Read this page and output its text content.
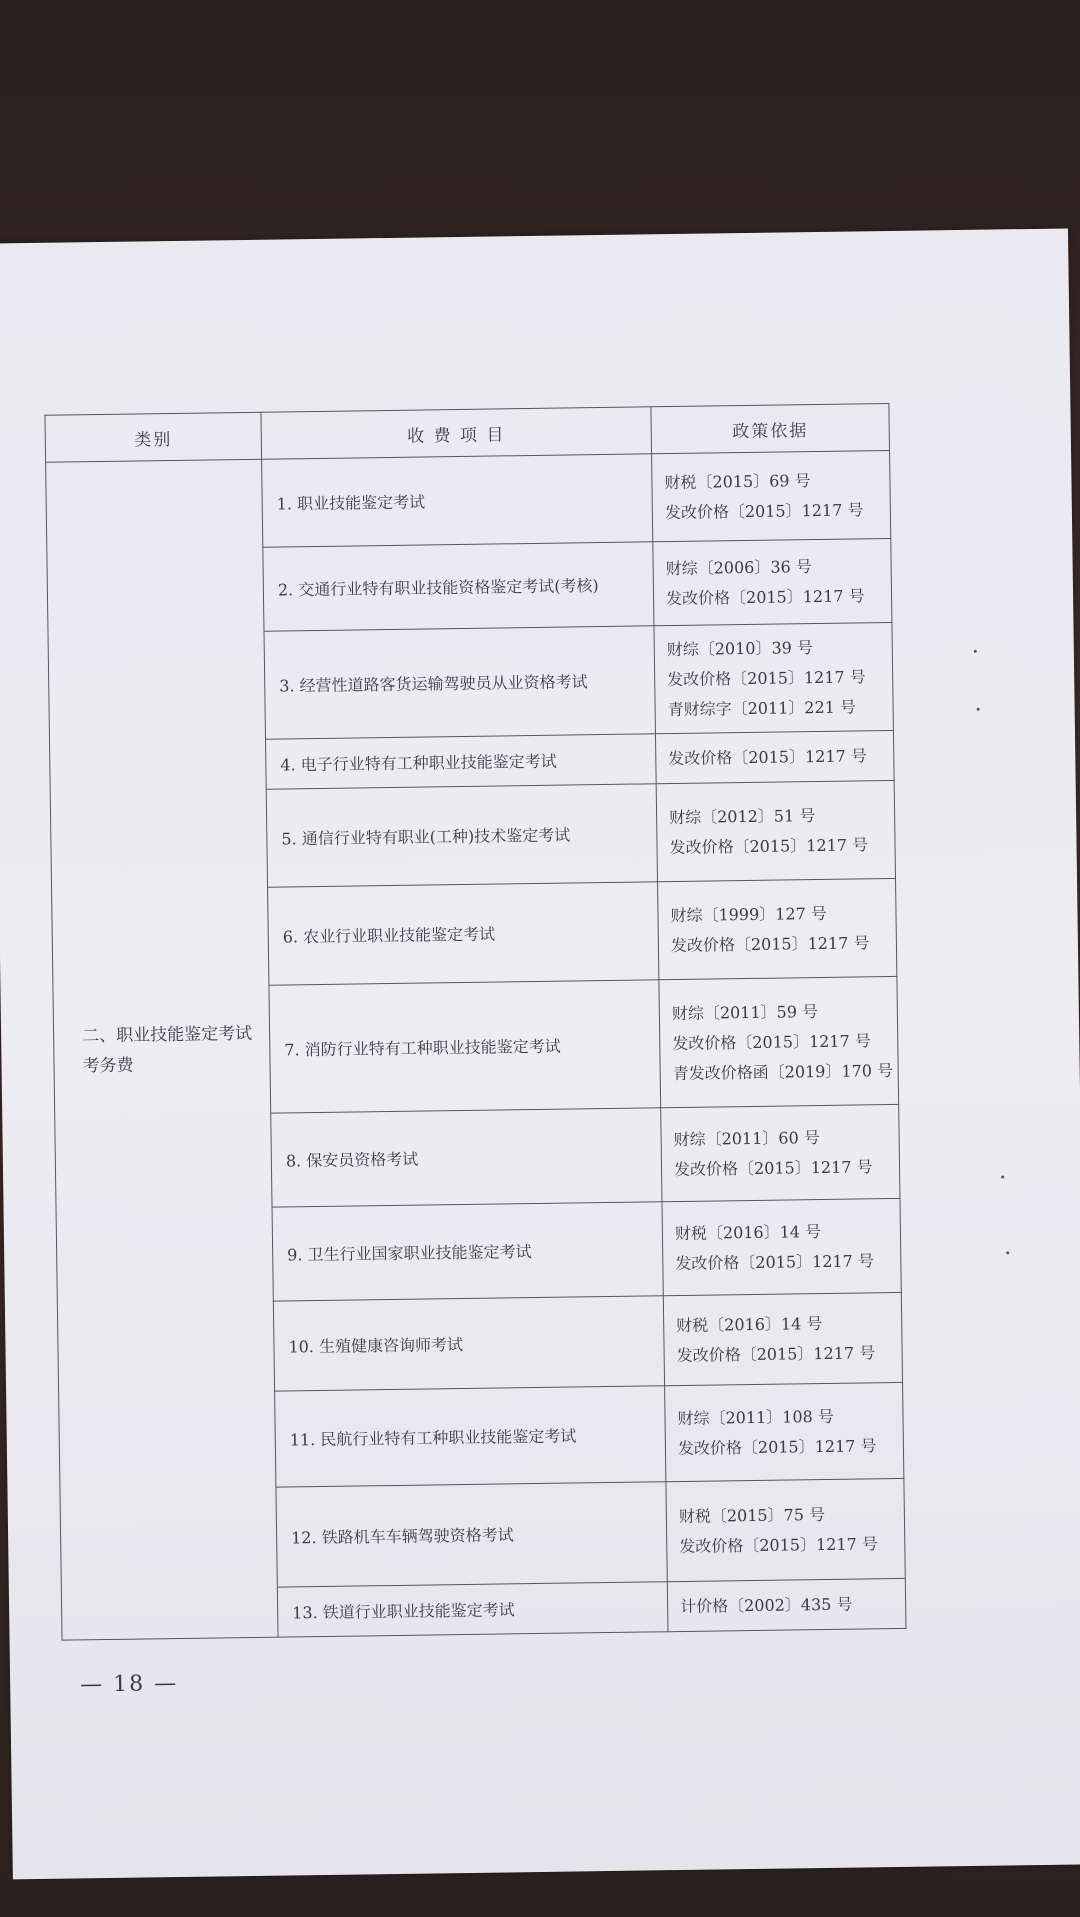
类别	收 费 项 目	政策依据
二、职业技能鉴定考试考务费	1. 职业技能鉴定考试	财税〔2015〕69 号
发改价格〔2015〕1217 号

	2. 交通行业特有职业技能资格鉴定考试(考核)	财综〔2006〕36 号
发改价格〔2015〕1217 号

	3. 经营性道路客货运输驾驶员从业资格考试	财综〔2010〕39 号
发改价格〔2015〕1217 号
青财综字〔2011〕221 号

	4. 电子行业特有工种职业技能鉴定考试	发改价格〔2015〕1217 号

	5. 通信行业特有职业(工种)技术鉴定考试	财综〔2012〕51 号
发改价格〔2015〕1217 号

	6. 农业行业职业技能鉴定考试	财综〔1999〕127 号
发改价格〔2015〕1217 号

	7. 消防行业特有工种职业技能鉴定考试	财综〔2011〕59 号
发改价格〔2015〕1217 号
青发改价格函〔2019〕170 号

	8. 保安员资格考试	财综〔2011〕60 号
发改价格〔2015〕1217 号

	9. 卫生行业国家职业技能鉴定考试	财税〔2016〕14 号
发改价格〔2015〕1217 号

	10. 生殖健康咨询师考试	财税〔2016〕14 号
发改价格〔2015〕1217 号

	11. 民航行业特有工种职业技能鉴定考试	财综〔2011〕108 号
发改价格〔2015〕1217 号

	12. 铁路机车车辆驾驶资格考试	财税〔2015〕75 号
发改价格〔2015〕1217 号

	13. 铁道行业职业技能鉴定考试	计价格〔2002〕435 号
— 18 —
